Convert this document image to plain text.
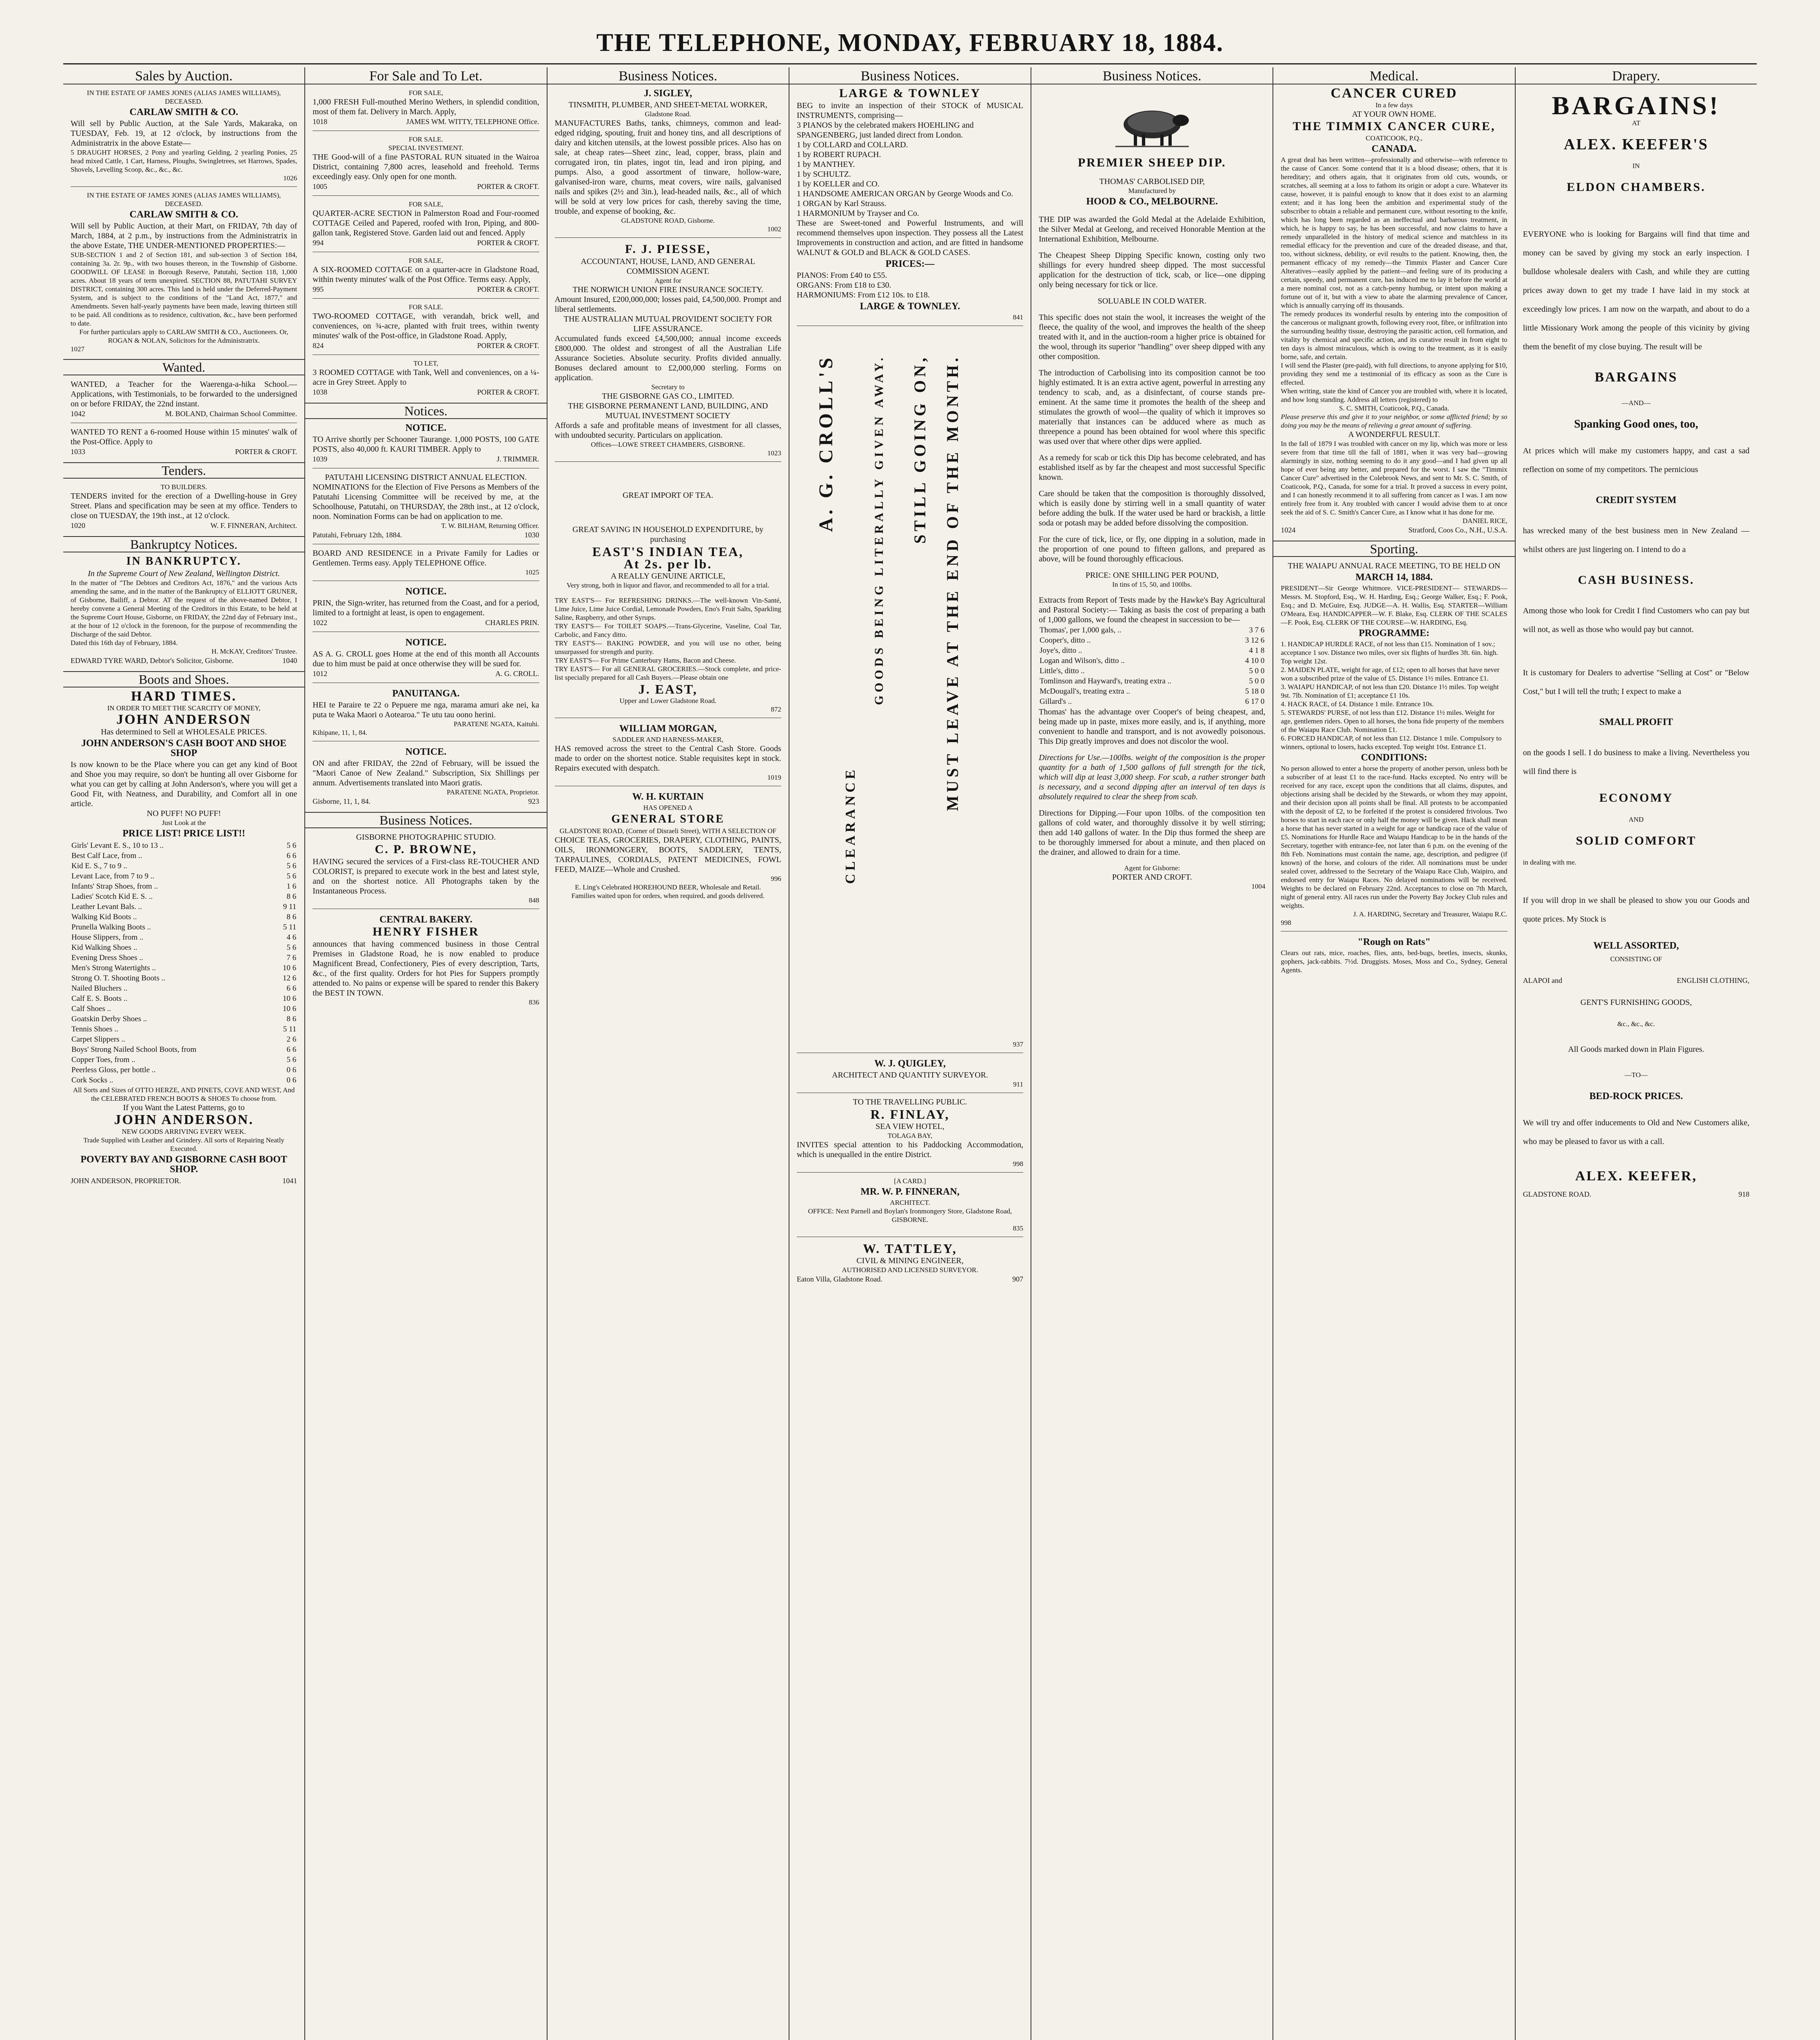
THE TELEPHONE, MONDAY, FEBRUARY 18, 1884.
Sales by Auction.
IN THE ESTATE OF JAMES JONES (ALIAS JAMES WILLIAMS), DECEASED.
CARLAW SMITH & CO.
Will sell by Public Auction, at the Sale Yards, Makaraka, on TUESDAY, Feb. 19, at 12 o'clock, by instructions from the Administratrix in the above Estate—
5 DRAUGHT HORSES, 2 Pony and yearling Gelding, 2 yearling Ponies, 25 head mixed Cattle, 1 Cart, Harness, Ploughs, Swingletrees, set Harrows, Spades, Shovels, Levelling Scoop, &c., &c., &c.
1026
IN THE ESTATE OF JAMES JONES (ALIAS JAMES WILLIAMS), DECEASED.
CARLAW SMITH & CO.
Will sell by Public Auction, at their Mart, on FRIDAY, 7th day of March, 1884, at 2 p.m., by instructions from the Administratrix in the above Estate, THE UNDER-MENTIONED PROPERTIES:—
SUB-SECTION 1 and 2 of Section 181, and sub-section 3 of Section 184, containing 3a. 2r. 9p., with two houses thereon, in the Township of Gisborne. GOODWILL OF LEASE in Borough Reserve, Patutahi, Section 118, 1,000 acres. About 18 years of term unexpired. SECTION 88, PATUTAHI SURVEY DISTRICT, containing 300 acres. This land is held under the Deferred-Payment System, and is subject to the conditions of the "Land Act, 1877," and Amendments. Seven half-yearly payments have been made, leaving thirteen still to be paid. All conditions as to residence, cultivation, &c., have been performed to date.
For further particulars apply to CARLAW SMITH & CO., Auctioneers. Or, ROGAN & NOLAN, Solicitors for the Administratrix.
1027
Wanted.
WANTED, a Teacher for the Waerenga-a-hika School.—Applications, with Testimonials, to be forwarded to the undersigned on or before FRIDAY, the 22nd instant.
1042	M. BOLAND, Chairman School Committee.
WANTED TO RENT a 6-roomed House within 15 minutes' walk of the Post-Office. Apply to
1033	PORTER & CROFT.
Tenders.
TO BUILDERS.
TENDERS invited for the erection of a Dwelling-house in Grey Street. Plans and specification may be seen at my office. Tenders to close on TUESDAY, the 19th inst., at 12 o'clock.
1020	W. F. FINNERAN, Architect.
Bankruptcy Notices.
IN BANKRUPTCY.
In the Supreme Court of New Zealand, Wellington District.
In the matter of "The Debtors and Creditors Act, 1876," and the various Acts amending the same, and in the matter of the Bankruptcy of ELLIOTT GRUNER, of Gisborne, Bailiff, a Debtor. AT the request of the above-named Debtor, I hereby convene a General Meeting of the Creditors in this Estate, to be held at the Supreme Court House, Gisborne, on FRIDAY, the 22nd day of February inst., at the hour of 12 o'clock in the forenoon, for the purpose of recommending the Discharge of the said Debtor.
Dated this 16th day of February, 1884.
H. McKAY, Creditors' Trustee.
EDWARD TYRE WARD, Debtor's Solicitor, Gisborne.	1040
Boots and Shoes.
HARD TIMES.
IN ORDER TO MEET THE SCARCITY OF MONEY,
JOHN ANDERSON
Has determined to Sell at WHOLESALE PRICES.
JOHN ANDERSON'S CASH BOOT AND SHOE SHOP
Is now known to be the Place where you can get any kind of Boot and Shoe you may require, so don't be hunting all over Gisborne for what you can get by calling at John Anderson's, where you will get a Good Fit, with Neatness, and Durability, and Comfort all in one article.
NO PUFF! NO PUFF!
Just Look at the
PRICE LIST! PRICE LIST!!
Girls' Levant E. S., 10 to 13 ..	5 6
Best Calf Lace, from ..	6 6
Kid E. S., 7 to 9 ..	5 6
Levant Lace, from 7 to 9 ..	5 6
Infants' Strap Shoes, from ..	1 6
Ladies' Scotch Kid E. S. ..	8 6
Leather Levant Bals. ..	9 11
Walking Kid Boots ..	8 6
Prunella Walking Boots ..	5 11
House Slippers, from ..	4 6
Kid Walking Shoes ..	5 6
Evening Dress Shoes ..	7 6
Men's Strong Watertights ..	10 6
Strong O. T. Shooting Boots ..	12 6
Nailed Bluchers ..	6 6
Calf E. S. Boots ..	10 6
Calf Shoes ..	10 6
Goatskin Derby Shoes ..	8 6
Tennis Shoes ..	5 11
Carpet Slippers ..	2 6
Boys' Strong Nailed School Boots, from	6 6
Copper Toes, from ..	5 6
Peerless Gloss, per bottle ..	0 6
Cork Socks ..	0 6
All Sorts and Sizes of OTTO HERZE, AND PINETS, COVE AND WEST, And the CELEBRATED FRENCH BOOTS & SHOES To choose from.
If you Want the Latest Patterns, go to
JOHN ANDERSON.
NEW GOODS ARRIVING EVERY WEEK.
Trade Supplied with Leather and Grindery. All sorts of Repairing Neatly Executed.
POVERTY BAY AND GISBORNE CASH BOOT SHOP.
JOHN ANDERSON, PROPRIETOR.	1041
For Sale and To Let.
FOR SALE,
1,000 FRESH Full-mouthed Merino Wethers, in splendid condition, most of them fat. Delivery in March. Apply,
1018	JAMES WM. WITTY, TELEPHONE Office.
FOR SALE.
SPECIAL INVESTMENT.
THE Good-will of a fine PASTORAL RUN situated in the Wairoa District, containing 7,800 acres, leasehold and freehold. Terms exceedingly easy. Only open for one month.
1005	PORTER & CROFT.
FOR SALE,
QUARTER-ACRE SECTION in Palmerston Road and Four-roomed COTTAGE Ceiled and Papered, roofed with Iron, Piping, and 800-gallon tank, Registered Stove. Garden laid out and fenced. Apply
994	PORTER & CROFT.
FOR SALE,
A SIX-ROOMED COTTAGE on a quarter-acre in Gladstone Road, within twenty minutes' walk of the Post Office. Terms easy. Apply,
995	PORTER & CROFT.
FOR SALE.
TWO-ROOMED COTTAGE, with verandah, brick well, and conveniences, on ¾-acre, planted with fruit trees, within twenty minutes' walk of the Post-office, in Gladstone Road. Apply,
824	PORTER & CROFT.
TO LET,
3 ROOMED COTTAGE with Tank, Well and conveniences, on a ¼-acre in Grey Street. Apply to
1038	PORTER & CROFT.
Notices.
NOTICE.
TO Arrive shortly per Schooner Taurange. 1,000 POSTS, 100 GATE POSTS, also 40,000 ft. KAURI TIMBER. Apply to
1039	J. TRIMMER.
PATUTAHI LICENSING DISTRICT ANNUAL ELECTION.
NOMINATIONS for the Election of Five Persons as Members of the Patutahi Licensing Committee will be received by me, at the Schoolhouse, Patutahi, on THURSDAY, the 28th inst., at 12 o'clock, noon. Nomination Forms can be had on application to me.
T. W. BILHAM, Returning Officer.
Patutahi, February 12th, 1884.	1030
BOARD AND RESIDENCE in a Private Family for Ladies or Gentlemen. Terms easy. Apply TELEPHONE Office.
1025
NOTICE.
PRIN, the Sign-writer, has returned from the Coast, and for a period, limited to a fortnight at least, is open to engagement.
1022	CHARLES PRIN.
NOTICE.
AS A. G. CROLL goes Home at the end of this month all Accounts due to him must be paid at once otherwise they will be sued for.
1012	A. G. CROLL.
PANUITANGA.
HEI te Paraire te 22 o Pepuere me nga, marama amuri ake nei, ka puta te Waka Maori o Aotearoa." Te utu tau oono herini.
PARATENE NGATA, Kaituhi.
Kihipane, 11, 1, 84.
NOTICE.
ON and after FRIDAY, the 22nd of February, will be issued the "Maori Canoe of New Zealand." Subscription, Six Shillings per annum. Advertisements translated into Maori gratis.
PARATENE NGATA, Proprietor.
Gisborne, 11, 1, 84.	923
Business Notices.
GISBORNE PHOTOGRAPHIC STUDIO.
C. P. BROWNE,
HAVING secured the services of a First-class RE-TOUCHER AND COLORIST, is prepared to execute work in the best and latest style, and on the shortest notice. All Photographs taken by the Instantaneous Process.
848
CENTRAL BAKERY.
HENRY FISHER
announces that having commenced business in those Central Premises in Gladstone Road, he is now enabled to produce Magnificent Bread, Confectionery, Pies of every description, Tarts, &c., of the first quality. Orders for hot Pies for Suppers promptly attended to. No pains or expense will be spared to render this Bakery the BEST IN TOWN.
836
Business Notices.
J. SIGLEY,
TINSMITH, PLUMBER, AND SHEET-METAL WORKER,
Gladstone Road.
MANUFACTURES Baths, tanks, chimneys, common and lead-edged ridging, spouting, fruit and honey tins, and all descriptions of dairy and kitchen utensils, at the lowest possible prices. Also has on sale, at cheap rates—Sheet zinc, lead, copper, brass, plain and corrugated iron, tin plates, ingot tin, lead and iron piping, and pumps. Also, a good assortment of tinware, hollow-ware, galvanised-iron ware, churns, meat covers, wire nails, galvanised nails and spikes (2½ and 3in.), lead-headed nails, &c., all of which will be sold at very low prices for cash, thereby saving the time, trouble, and expense of booking, &c.
GLADSTONE ROAD, Gisborne.
1002
F. J. PIESSE,
ACCOUNTANT, HOUSE, LAND, AND GENERAL COMMISSION AGENT.
Agent for
THE NORWICH UNION FIRE INSURANCE SOCIETY.
Amount Insured, £200,000,000; losses paid, £4,500,000. Prompt and liberal settlements.
THE AUSTRALIAN MUTUAL PROVIDENT SOCIETY FOR LIFE ASSURANCE.
Accumulated funds exceed £4,500,000; annual income exceeds £800,000. The oldest and strongest of all the Australian Life Assurance Societies. Absolute security. Profits divided annually. Bonuses declared amount to £2,000,000 sterling. Forms on application.
Secretary to
THE GISBORNE GAS CO., LIMITED.
THE GISBORNE PERMANENT LAND, BUILDING, AND MUTUAL INVESTMENT SOCIETY
Affords a safe and profitable means of investment for all classes, with undoubted security. Particulars on application.
Offices—LOWE STREET CHAMBERS, GISBORNE.
1023
GREAT IMPORT OF TEA.
GREAT SAVING IN HOUSEHOLD EXPENDITURE, by purchasing
EAST'S INDIAN TEA,
At 2s. per lb.
A REALLY GENUINE ARTICLE,
Very strong, both in liquor and flavor, and recommended to all for a trial.
TRY EAST'S— For REFRESHING DRINKS.—The well-known Vin-Santé, Lime Juice, Lime Juice Cordial, Lemonade Powders, Eno's Fruit Salts, Sparkling Saline, Raspberry, and other Syrups.
TRY EAST'S— For TOILET SOAPS.—Trans-Glycerine, Vaseline, Coal Tar, Carbolic, and Fancy ditto.
TRY EAST'S— BAKING POWDER, and you will use no other, being unsurpassed for strength and purity.
TRY EAST'S— For Prime Canterbury Hams, Bacon and Cheese.
TRY EAST'S— For all GENERAL GROCERIES.—Stock complete, and price-list specially prepared for all Cash Buyers.—Please obtain one
J. EAST,
Upper and Lower Gladstone Road.
872
WILLIAM MORGAN,
SADDLER AND HARNESS-MAKER,
HAS removed across the street to the Central Cash Store. Goods made to order on the shortest notice. Stable requisites kept in stock. Repairs executed with despatch.
1019
W. H. KURTAIN
HAS OPENED A
GENERAL STORE
GLADSTONE ROAD, (Corner of Disraeli Street), WITH A SELECTION OF
CHOICE TEAS, GROCERIES, DRAPERY, CLOTHING, PAINTS, OILS, IRONMONGERY, BOOTS, SADDLERY, TENTS, TARPAULINES, CORDIALS, PATENT MEDICINES, FOWL FEED, MAIZE—Whole and Crushed.
996
E. Ling's Celebrated HOREHOUND BEER, Wholesale and Retail.
Families waited upon for orders, when required, and goods delivered.
Business Notices.
LARGE & TOWNLEY
BEG to invite an inspection of their STOCK of MUSICAL INSTRUMENTS, comprising—
3 PIANOS by the celebrated makers HOEHLING and SPANGENBERG, just landed direct from London.
1 by COLLARD and COLLARD.
1 by ROBERT RUPACH.
1 by MANTHEY.
1 by SCHULTZ.
1 by KOELLER and CO.
1 HANDSOME AMERICAN ORGAN by George Woods and Co.
1 ORGAN by Karl Strauss.
1 HARMONIUM by Trayser and Co.
These are Sweet-toned and Powerful Instruments, and will recommend themselves upon inspection. They possess all the Latest Improvements in construction and action, and are fitted in handsome WALNUT & GOLD and BLACK & GOLD CASES.
PRICES:—
PIANOS: From £40 to £55.
ORGANS: From £18 to £30.
HARMONIUMS: From £12 10s. to £18.
LARGE & TOWNLEY.
841
A. G. CROLL'S	GOODS BEING LITERALLY GIVEN AWAY. STILL GOING ON, MUST LEAVE AT THE END OF THE MONTH.
CLEARANCE
937
W. J. QUIGLEY,
ARCHITECT AND QUANTITY SURVEYOR.
911
TO THE TRAVELLING PUBLIC.
R. FINLAY,
SEA VIEW HOTEL,
TOLAGA BAY,
INVITES special attention to his Paddocking Accommodation, which is unequalled in the entire District.
998
[A CARD.]
MR. W. P. FINNERAN,
ARCHITECT.
OFFICE: Next Parnell and Boylan's Ironmongery Store, Gladstone Road, GISBORNE.
835
W. TATTLEY,
CIVIL & MINING ENGINEER,
AUTHORISED AND LICENSED SURVEYOR.
Eaton Villa, Gladstone Road.	907
Business Notices.
PREMIER SHEEP DIP.
THOMAS' CARBOLISED DIP,
Manufactured by
HOOD & CO., MELBOURNE.
THE DIP was awarded the Gold Medal at the Adelaide Exhibition, the Silver Medal at Geelong, and received Honorable Mention at the International Exhibition, Melbourne.
The Cheapest Sheep Dipping Specific known, costing only two shillings for every hundred sheep dipped. The most successful application for the destruction of tick, scab, or lice—one dipping only being necessary for tick or lice.
SOLUABLE IN COLD WATER.
This specific does not stain the wool, it increases the weight of the fleece, the quality of the wool, and improves the health of the sheep treated with it, and in the auction-room a higher price is obtained for the wool, through its superior "handling" over sheep dipped with any other composition.
The introduction of Carbolising into its composition cannot be too highly estimated. It is an extra active agent, powerful in arresting any tendency to scab, and, as a disinfectant, of course stands pre-eminent. At the same time it promotes the health of the sheep and stimulates the growth of wool—the quality of which it improves so materially that instances can be adduced where as much as threepence a pound has been obtained for wool where this specific was used over that where other dips were applied.
As a remedy for scab or tick this Dip has become celebrated, and has established itself as by far the cheapest and most successful Specific known.
Care should be taken that the composition is thoroughly dissolved, which is easily done by stirring well in a small quantity of water before adding the bulk. If the water used be hard or brackish, a little soda or potash may be added before dissolving the composition.
For the cure of tick, lice, or fly, one dipping in a solution, made in the proportion of one pound to fifteen gallons, and prepared as above, will be found thoroughly efficacious.
PRICE: ONE SHILLING PER POUND,
In tins of 15, 50, and 100lbs.
Extracts from Report of Tests made by the Hawke's Bay Agricultural and Pastoral Society:— Taking as basis the cost of preparing a bath of 1,000 gallons, we found the cheapest in succession to be—
Thomas', per 1,000 gals, ..	3 7 6
Cooper's, ditto ..	3 12 6
Joye's, ditto ..	4 1 8
Logan and Wilson's, ditto ..	4 10 0
Little's, ditto ..	5 0 0
Tomlinson and Hayward's, treating extra ..	5 0 0
McDougall's, treating extra ..	5 18 0
Gillard's ..	6 17 0
Thomas' has the advantage over Cooper's of being cheapest, and, being made up in paste, mixes more easily, and is, if anything, more convenient to handle and transport, and is not avowedly poisonous. This Dip greatly improves and does not discolor the wool.
Directions for Use.—100lbs. weight of the composition is the proper quantity for a bath of 1,500 gallons of full strength for the tick, which will dip at least 3,000 sheep. For scab, a rather stronger bath is necessary, and a second dipping after an interval of ten days is absolutely required to clear the sheep from scab.
Directions for Dipping.—Four upon 10lbs. of the composition ten gallons of cold water, and thoroughly dissolve it by well stirring; then add 140 gallons of water. In the Dip thus formed the sheep are to be thoroughly immersed for about a minute, and then placed on the drainer, and allowed to drain for a time.
Agent for Gisborne:
PORTER AND CROFT.
1004
Medical.
CANCER CURED
In a few days
AT YOUR OWN HOME.
THE TIMMIX CANCER CURE,
COATICOOK, P.Q.,
CANADA.
A great deal has been written—professionally and otherwise—with reference to the cause of Cancer. Some contend that it is a blood disease; others, that it is hereditary; and others again, that it originates from old cuts, wounds, or scratches, all seeming at a loss to fathom its origin or adopt a cure. Whatever its cause, however, it is painful enough to know that it does exist to an alarming extent; and it has long been the ambition and experimental study of the subscriber to obtain a reliable and permanent cure, without resorting to the knife, which has long been regarded as an ineffectual and barbarous treatment, in which, he is happy to say, he has been successful, and now claims to have a remedy unparalleled in the history of medical science and matchless in its remedial efficacy for the prevention and cure of the dreaded disease, and that, too, without sickness, debility, or evil results to the patient. Knowing, then, the permanent efficacy of my remedy—the Timmix Plaster and Cancer Cure Alteratives—easily applied by the patient—and feeling sure of its producing a certain, speedy, and permanent cure, has induced me to lay it before the world at a mere nominal cost, not as a catch-penny humbug, or intent upon making a fortune out of it, but with a view to abate the alarming prevalence of Cancer, which is annually carrying off its thousands.
The remedy produces its wonderful results by entering into the composition of the cancerous or malignant growth, following every root, fibre, or infiltration into the surrounding healthy tissue, destroying the parasitic action, cell formation, and vitality by chemical and specific action, and its curative result in from eight to ten days is almost miraculous, which is owing to the treatment, as it is easily borne, safe, and certain.
I will send the Plaster (pre-paid), with full directions, to anyone applying for $10, providing they send me a testimonial of its efficacy as soon as the Cure is effected.
When writing, state the kind of Cancer you are troubled with, where it is located, and how long standing. Address all letters (registered) to
S. C. SMITH, Coaticook, P.Q., Canada.
Please preserve this and give it to your neighbor, or some afflicted friend; by so doing you may be the means of relieving a great amount of suffering.
A WONDERFUL RESULT.
In the fall of 1879 I was troubled with cancer on my lip, which was more or less severe from that time till the fall of 1881, when it was very bad—growing alarmingly in size, nothing seeming to do it any good—and I had given up all hope of ever being any better, and prepared for the worst. I saw the "Timmix Cancer Cure" advertised in the Colebrook News, and sent to Mr. S. C. Smith, of Coaticook, P.Q., Canada, for some for a trial. It proved a success in every point, and I can honestly recommend it to all suffering from cancer as I was. I am now entirely free from it. Any troubled with cancer I would advise them to at once seek the aid of S. C. Smith's Cancer Cure, as I know what it has done for me.
DANIEL RICE,
1024	Stratford, Coos Co., N.H., U.S.A.
Sporting.
THE WAIAPU ANNUAL RACE MEETING, TO BE HELD ON
MARCH 14, 1884.
PRESIDENT—Sir George Whitmore. VICE-PRESIDENT— STEWARDS—Messrs. M. Stopford, Esq., W. H. Harding, Esq.; George Walker, Esq.; F. Pook, Esq.; and D. McGuire, Esq. JUDGE—A. H. Wallis, Esq. STARTER—William O'Meara, Esq. HANDICAPPER—W. F. Blake, Esq. CLERK OF THE SCALES—F. Pook, Esq. CLERK OF THE COURSE—W. HARDING, Esq.
PROGRAMME:
1. HANDICAP HURDLE RACE, of not less than £15. Nomination of 1 sov.; acceptance 1 sov. Distance two miles, over six flights of hurdles 3ft. 6in. high. Top weight 12st.
2. MAIDEN PLATE, weight for age, of £12; open to all horses that have never won a subscribed prize of the value of £5. Distance 1½ miles. Entrance £1.
3. WAIAPU HANDICAP, of not less than £20. Distance 1½ miles. Top weight 9st. 7lb. Nomination of £1; acceptance £1 10s.
4. HACK RACE, of £4. Distance 1 mile. Entrance 10s.
5. STEWARDS' PURSE, of not less than £12. Distance 1½ miles. Weight for age, gentlemen riders. Open to all horses, the bona fide property of the members of the Waiapu Race Club. Nomination £1.
6. FORCED HANDICAP, of not less than £12. Distance 1 mile. Compulsory to winners, optional to losers, hacks excepted. Top weight 10st. Entrance £1.
CONDITIONS:
No person allowed to enter a horse the property of another person, unless both be a subscriber of at least £1 to the race-fund. Hacks excepted. No entry will be received for any race, except upon the conditions that all claims, disputes, and objections arising shall be decided by the Stewards, or whom they may appoint, and their decision upon all points shall be final. All protests to be accompanied with the deposit of £2, to be forfeited if the protest is considered frivolous. Two horses to start in each race or only half the money will be given. Hack shall mean a horse that has never started in a weight for age or handicap race of the value of £5. Nominations for Hurdle Race and Waiapu Handicap to be in the hands of the Secretary, together with entrance-fee, not later than 6 p.m. on the evening of the 8th Feb. Nominations must contain the name, age, description, and pedigree (if known) of the horse, and colours of the rider. All nominations must be under sealed cover, addressed to the Secretary of the Waiapu Race Club, Waipiro, and endorsed entry for Waiapu Races. No delayed nominations will be received. Weights to be declared on February 22nd. Acceptances to close on 7th March, night of general entry. All races run under the Poverty Bay Jockey Club rules and weights.
J. A. HARDING, Secretary and Treasurer, Waiapu R.C.
998
"Rough on Rats"
Clears out rats, mice, roaches, flies, ants, bed-bugs, beetles, insects, skunks, gophers, jack-rabbits. 7½d. Druggists. Moses, Moss and Co., Sydney, General Agents.
Drapery.
BARGAINS!
AT
ALEX. KEEFER'S
IN
ELDON CHAMBERS.
EVERYONE who is looking for Bargains will find that time and money can be saved by giving my stock an early inspection. I bulldose wholesale dealers with Cash, and while they are cutting prices away down to get my trade I have laid in my stock at exceedingly low prices. I am now on the warpath, and about to do a little Missionary Work among the people of this vicinity by giving them the benefit of my close buying. The result will be
BARGAINS
—AND—
Spanking Good ones, too,
At prices which will make my customers happy, and cast a sad reflection on some of my competitors. The pernicious
CREDIT SYSTEM
has wrecked many of the best business men in New Zealand — whilst others are just lingering on. I intend to do a
CASH BUSINESS.
Among those who look for Credit I find Customers who can pay but will not, as well as those who would pay but cannot.
It is customary for Dealers to advertise "Selling at Cost" or "Below Cost," but I will tell the truth; I expect to make a
SMALL PROFIT
on the goods I sell. I do business to make a living. Nevertheless you will find there is
ECONOMY
AND
SOLID COMFORT
in dealing with me.
If you will drop in we shall be pleased to show you our Goods and quote prices. My Stock is
WELL ASSORTED,
CONSISTING OF
ALAPOI and	ENGLISH CLOTHING,
GENT'S FURNISHING GOODS,
&c., &c., &c.
All Goods marked down in Plain Figures.
—TO—
BED-ROCK PRICES.
We will try and offer inducements to Old and New Customers alike, who may be pleased to favor us with a call.
ALEX. KEEFER,
GLADSTONE ROAD.	918
